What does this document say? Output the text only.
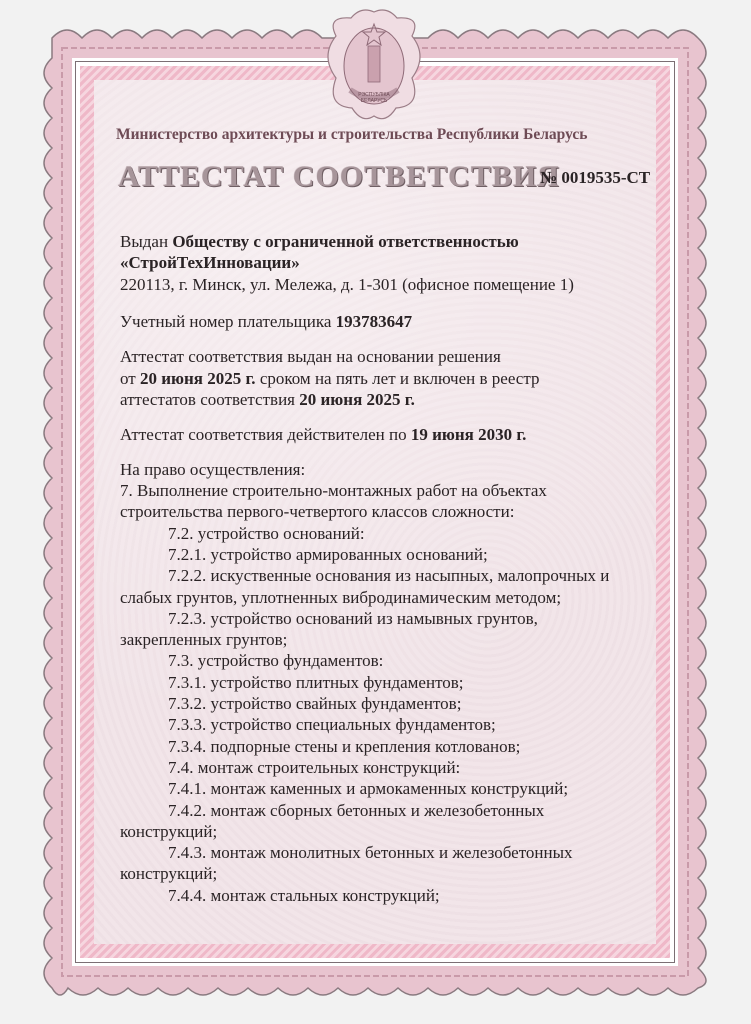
РЭСПУБЛІКА
БЕЛАРУСЬ
Министерство архитектуры и строительства Республики Беларусь
АТТЕСТАТ СООТВЕТСТВИЯ
№ 0019535-СТ
Выдан Обществу с ограниченной ответственностью
«СтройТехИнновации»
220113, г. Минск, ул. Мележа, д. 1-301 (офисное помещение 1)
Учетный номер плательщика 193783647
Аттестат соответствия выдан на основании решения
от 20 июня 2025 г. сроком на пять лет и включен в реестр
аттестатов соответствия 20 июня 2025 г.
Аттестат соответствия действителен по 19 июня 2030 г.
На право осуществления:
7. Выполнение строительно-монтажных работ на объектах
строительства первого-четвертого классов сложности:
7.2. устройство оснований:
7.2.1. устройство армированных оснований;
7.2.2. искуственные основания из насыпных, малопрочных и
слабых грунтов, уплотненных вибродинамическим методом;
7.2.3. устройство оснований из намывных грунтов,
закрепленных грунтов;
7.3. устройство фундаментов:
7.3.1. устройство плитных фундаментов;
7.3.2. устройство свайных фундаментов;
7.3.3. устройство специальных фундаментов;
7.3.4. подпорные стены и крепления котлованов;
7.4. монтаж строительных конструкций:
7.4.1. монтаж каменных и армокаменных конструкций;
7.4.2. монтаж сборных бетонных и железобетонных
конструкций;
7.4.3. монтаж монолитных бетонных и железобетонных
конструкций;
7.4.4. монтаж стальных конструкций;
